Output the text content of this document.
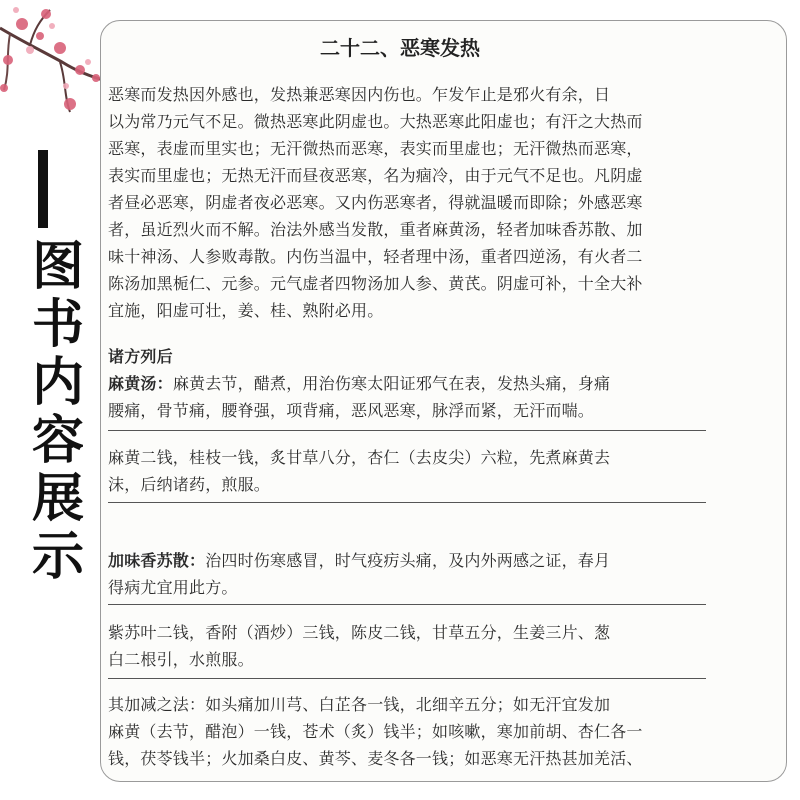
图
书
内
容
展
示
二十二、恶寒发热
恶寒而发热因外感也，发热兼恶寒因内伤也。乍发乍止是邪火有余，日
以为常乃元气不足。微热恶寒此阴虚也。大热恶寒此阳虚也；有汗之大热而
恶寒，表虚而里实也；无汗微热而恶寒，表实而里虚也；无汗微热而恶寒，
表实而里虚也；无热无汗而昼夜恶寒，名为痼冷，由于元气不足也。凡阴虚
者昼必恶寒，阴虚者夜必恶寒。又内伤恶寒者，得就温暖而即除；外感恶寒
者，虽近烈火而不解。治法外感当发散，重者麻黄汤，轻者加味香苏散、加
味十神汤、人参败毒散。内伤当温中，轻者理中汤，重者四逆汤，有火者二
陈汤加黑栀仁、元参。元气虚者四物汤加人参、黄芪。阴虚可补，十全大补
宜施，阳虚可壮，姜、桂、熟附必用。
诸方列后
麻黄汤：麻黄去节，醋煮，用治伤寒太阳证邪气在表，发热头痛，身痛
腰痛，骨节痛，腰脊强，项背痛，恶风恶寒，脉浮而紧，无汗而喘。
麻黄二钱，桂枝一钱，炙甘草八分，杏仁（去皮尖）六粒，先煮麻黄去
沫，后纳诸药，煎服。
加味香苏散：治四时伤寒感冒，时气疫疠头痛，及内外两感之证，春月
得病尤宜用此方。
紫苏叶二钱，香附（酒炒）三钱，陈皮二钱，甘草五分，生姜三片、葱
白二根引，水煎服。
其加减之法：如头痛加川芎、白芷各一钱，北细辛五分；如无汗宜发加
麻黄（去节，醋泡）一钱，苍术（炙）钱半；如咳嗽，寒加前胡、杏仁各一
钱，茯苓钱半；火加桑白皮、黄芩、麦冬各一钱；如恶寒无汗热甚加羌活、
